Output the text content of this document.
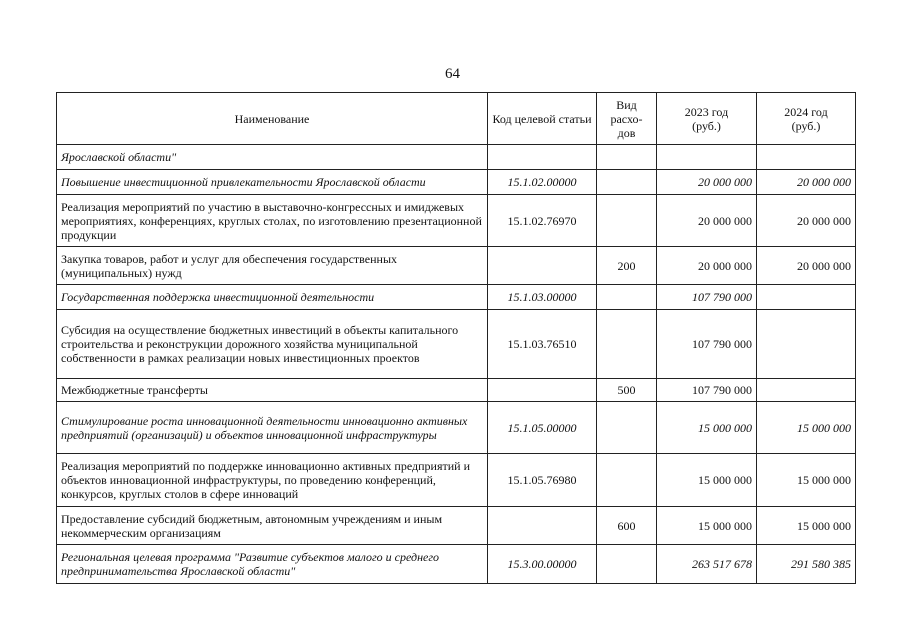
64
Наименование	Код целевой статьи	Вид расхо-дов	2023 год (руб.)	2024 год (руб.)
Ярославской области"				
Повышение инвестиционной привлекательности Ярославской области	15.1.02.00000		20 000 000	20 000 000
Реализация мероприятий по участию в выставочно-конгрессных и имиджевых мероприятиях, конференциях, круглых столах, по изготовлению презентационной продукции	15.1.02.76970		20 000 000	20 000 000
Закупка товаров, работ и услуг для обеспечения государственных (муниципальных) нужд		200	20 000 000	20 000 000
Государственная поддержка инвестиционной деятельности	15.1.03.00000		107 790 000	
Субсидия на осуществление бюджетных инвестиций в объекты капитального строительства и реконструкции дорожного хозяйства муниципальной собственности в рамках реализации новых инвестиционных проектов	15.1.03.76510		107 790 000	
Межбюджетные трансферты		500	107 790 000	
Стимулирование роста инновационной деятельности инновационно активных предприятий (организаций) и объектов инновационной инфраструктуры	15.1.05.00000		15 000 000	15 000 000
Реализация мероприятий по поддержке инновационно активных предприятий и объектов инновационной инфраструктуры, по проведению конференций, конкурсов, круглых столов в сфере инноваций	15.1.05.76980		15 000 000	15 000 000
Предоставление субсидий бюджетным, автономным учреждениям и иным некоммерческим организациям		600	15 000 000	15 000 000
Региональная целевая программа "Развитие субъектов малого и среднего предпринимательства Ярославской области"	15.3.00.00000		263 517 678	291 580 385
